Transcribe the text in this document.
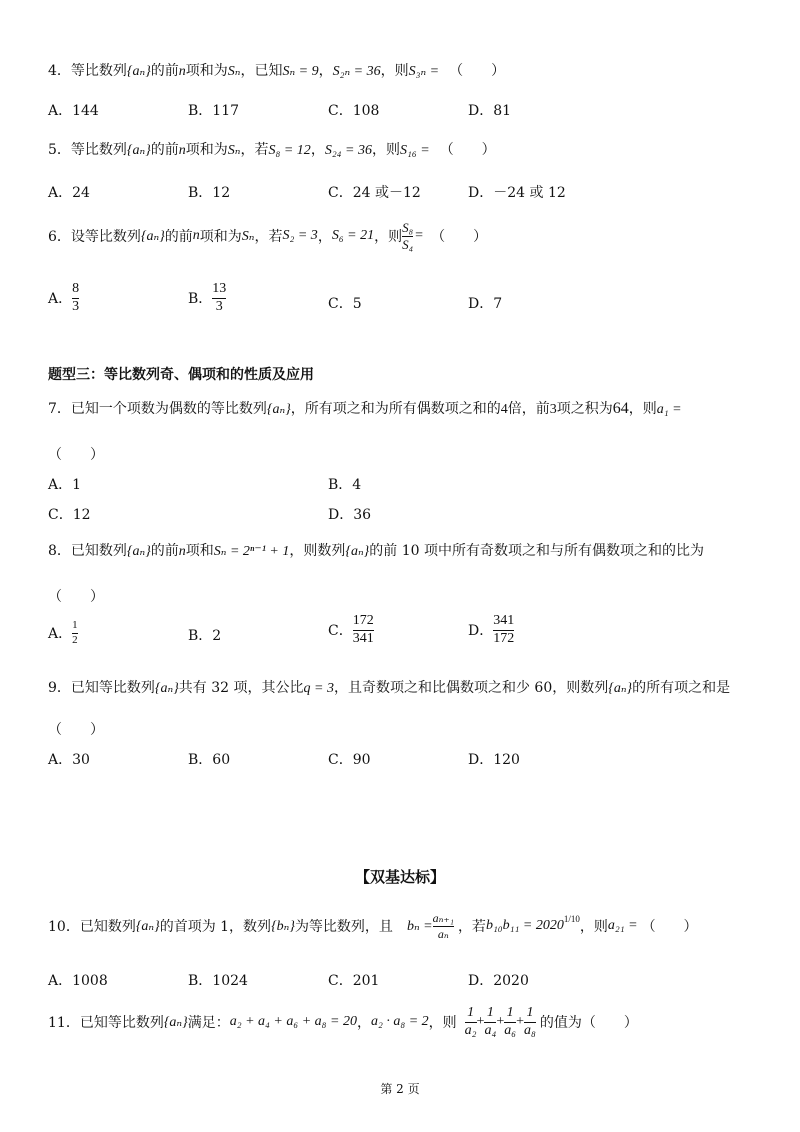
4．等比数列{aₙ}的前n项和为Sₙ，已知Sₙ = 9，S₂ₙ = 36，则S₃ₙ = （　　）
A．144	B．117	C．108	D．81
5．等比数列{aₙ}的前n项和为Sₙ，若S₈ = 12，S₂₄ = 36，则S₁₆ = （　　）
A．24	B．12	C．24 或－12	D．－24 或 12
6．设等比数列 {aₙ} 的前 n 项和为 Sₙ ，若 S₂ = 3 ， S₆ = 21 ，则 $\frac{\text{S₈}}{\text{S₄}}$ = （　　）
A． $\frac{8}{3}$	B． $\frac{13}{3}$	C．5	D．7
题型三：等比数列奇、偶项和的性质及应用
7．已知一个项数为偶数的等比数列{aₙ}，所有项之和为所有偶数项之和的4倍，前3项之积为64，则a₁ =
（　　）
A．1	B．4
C．12	D．36
8．已知数列{aₙ}的前n项和Sₙ = 2ⁿ⁻¹ + 1，则数列{aₙ}的前 10 项中所有奇数项之和与所有偶数项之和的比为
（　　）
A． $\frac{1}{2}$	B．2	C． $\frac{172}{341}$	D． $\frac{341}{172}$
9．已知等比数列{aₙ}共有 32 项，其公比q = 3，且奇数项之和比偶数项之和少 60，则数列{aₙ}的所有项之和是
（　　）
A．30	B．60	C．90	D．120
【双基达标】
10．已知数列 {aₙ} 的首项为 1，数列 {bₙ} 为等比数列，且 $b_n = \frac{\text{aₙ₊₁}}{\text{aₙ}}$ ，若 $b_{10}b_{11} = 2020^{1/10}$ ，则 a₂₁ = （　　）
A．1008	B．1024	C．201	D．2020
11．已知等比数列 {aₙ} 满足： a₂ + a₄ + a₆ + a₈ = 20 ， a₂ · a₈ = 2 ，则 $\frac{1}{\text{a₂}} + \frac{1}{\text{a₄}} + \frac{1}{\text{a₆}} + \frac{1}{\text{a₈}}$ 的值为 （　　）
第 2 页
